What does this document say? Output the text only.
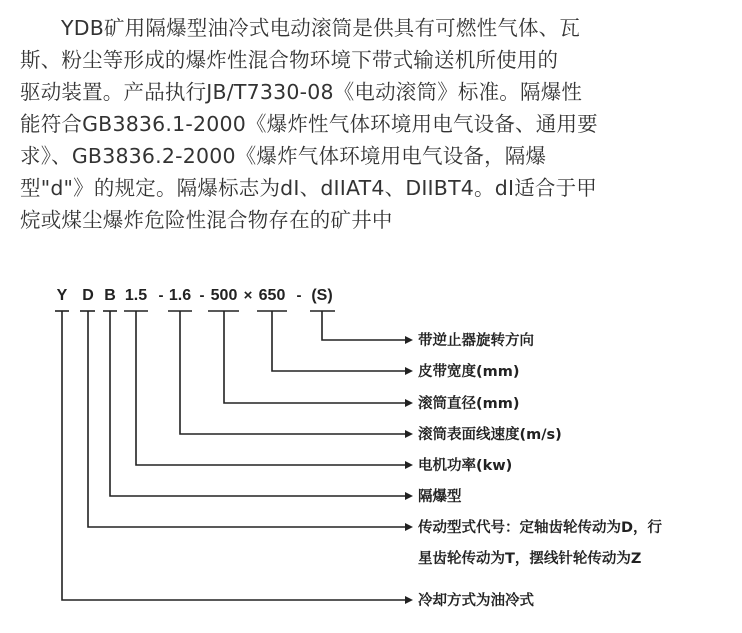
YDB矿用隔爆型油冷式电动滚筒是供具有可燃性气体、瓦
斯、粉尘等形成的爆炸性混合物环境下带式输送机所使用的
驱动装置。产品执行JB/T7330-08《电动滚筒》标准。隔爆性
能符合GB3836.1-2000《爆炸性气体环境用电气设备、通用要
求》、GB3836.2-2000《爆炸气体环境用电气设备，隔爆
型"d"》的规定。隔爆标志为dI、dIIAT4、DIIBT4。dI适合于甲
烷或煤尘爆炸危险性混合物存在的矿井中
Y D B 1.5 - 1.6 - 500 × 650 - (S)
带逆止器旋转方向
皮带宽度(mm)
滚筒直径(mm)
滚筒表面线速度(m/s)
电机功率(kw)
隔爆型
传动型式代号：定轴齿轮传动为D，行
星齿轮传动为T，摆线针轮传动为Z
冷却方式为油冷式
